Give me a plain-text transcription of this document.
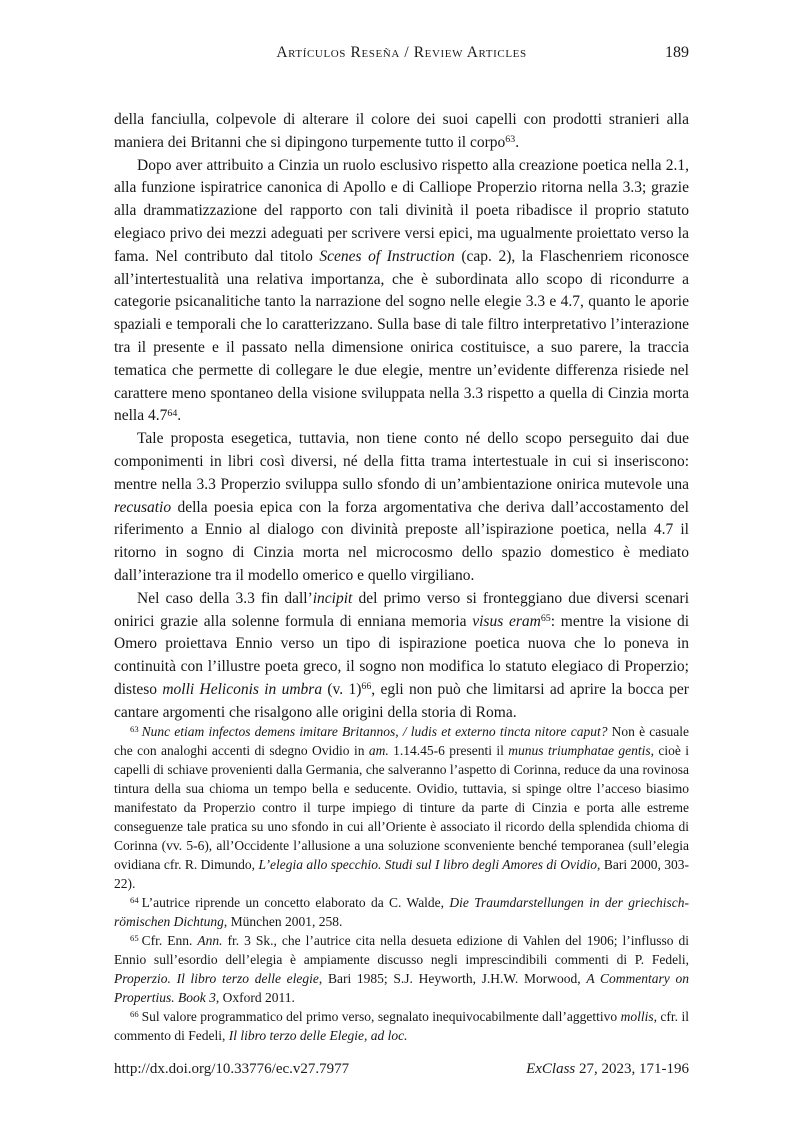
Artículos Reseña / Review Articles	189

della fanciulla, colpevole di alterare il colore dei suoi capelli con prodotti stranieri alla maniera dei Britanni che si dipingono turpemente tutto il corpo$^{63}$.

Dopo aver attribuito a Cinzia un ruolo esclusivo rispetto alla creazione poetica nella 2.1, alla funzione ispiratrice canonica di Apollo e di Calliope Properzio ritorna nella 3.3; grazie alla drammatizzazione del rapporto con tali divinità il poeta ribadisce il proprio statuto elegiaco privo dei mezzi adeguati per scrivere versi epici, ma ugualmente proiettato verso la fama. Nel contributo dal titolo Scenes of Instruction (cap. 2), la Flaschenriem riconosce all’intertestualità una relativa importanza, che è subordinata allo scopo di ricondurre a categorie psicanalitiche tanto la narrazione del sogno nelle elegie 3.3 e 4.7, quanto le aporie spaziali e temporali che lo caratterizzano. Sulla base di tale filtro interpretativo l’interazione tra il presente e il passato nella dimensione onirica costituisce, a suo parere, la traccia tematica che permette di collegare le due elegie, mentre un’evidente differenza risiede nel carattere meno spontaneo della visione sviluppata nella 3.3 rispetto a quella di Cinzia morta nella $4.7^{64}$.

Tale proposta esegetica, tuttavia, non tiene conto né dello scopo perseguito dai due componimenti in libri così diversi, né della fitta trama intertestuale in cui si inseriscono: mentre nella 3.3 Properzio sviluppa sullo sfondo di un’ambientazione onirica mutevole una recusatio della poesia epica con la forza argomentativa che deriva dall’accostamento del riferimento a Ennio al dialogo con divinità preposte all’ispirazione poetica, nella 4.7 il ritorno in sogno di Cinzia morta nel microcosmo dello spazio domestico è mediato dall’interazione tra il modello omerico e quello virgiliano.

Nel caso della 3.3 fin dall’incipit del primo verso si fronteggiano due diversi scenari onirici grazie alla solenne formula di enniana memoria visus eram$^{65}$: mentre la visione di Omero proiettava Ennio verso un tipo di ispirazione poetica nuova che lo poneva in continuità con l’illustre poeta greco, il sogno non modifica lo statuto elegiaco di Properzio; disteso molli Heliconis in umbra (v. 1)$^{66}$, egli non può che limitarsi ad aprire la bocca per cantare argomenti che risalgono alle origini della storia di Roma.

$^{63}$ Nunc etiam infectos demens imitare Britannos, / ludis et externo tincta nitore caput? Non è casuale che con analoghi accenti di sdegno Ovidio in am. 1.14.45-6 presenti il munus triumphatae gentis, cioè i capelli di schiave provenienti dalla Germania, che salveranno l’aspetto di Corinna, reduce da una rovinosa tintura della sua chioma un tempo bella e seducente. Ovidio, tuttavia, si spinge oltre l’acceso biasimo manifestato da Properzio contro il turpe impiego di tinture da parte di Cinzia e porta alle estreme conseguenze tale pratica su uno sfondo in cui all’Oriente è associato il ricordo della splendida chioma di Corinna (vv. 5-6), all’Occidente l’allusione a una soluzione sconveniente benché temporanea (sull’elegia ovidiana cfr. R. Dimundo, L’elegia allo specchio. Studi sul I libro degli Amores di Ovidio, Bari 2000, 303-22).

$^{64}$ L’autrice riprende un concetto elaborato da C. Walde, Die Traumdarstellungen in der griechisch-römischen Dichtung, München 2001, 258.

$^{65}$ Cfr. Enn. Ann. fr. 3 Sk., che l’autrice cita nella desueta edizione di Vahlen del 1906; l’influsso di Ennio sull’esordio dell’elegia è ampiamente discusso negli imprescindibili commenti di P. Fedeli, Properzio. Il libro terzo delle elegie, Bari 1985; S.J. Heyworth, J.H.W. Morwood, A Commentary on Propertius. Book 3, Oxford 2011.

$^{66}$ Sul valore programmatico del primo verso, segnalato inequivocabilmente dall’aggettivo mollis, cfr. il commento di Fedeli, Il libro terzo delle Elegie, ad loc.

http://dx.doi.org/10.33776/ec.v27.7977	ExClass 27, 2023, 171-196
